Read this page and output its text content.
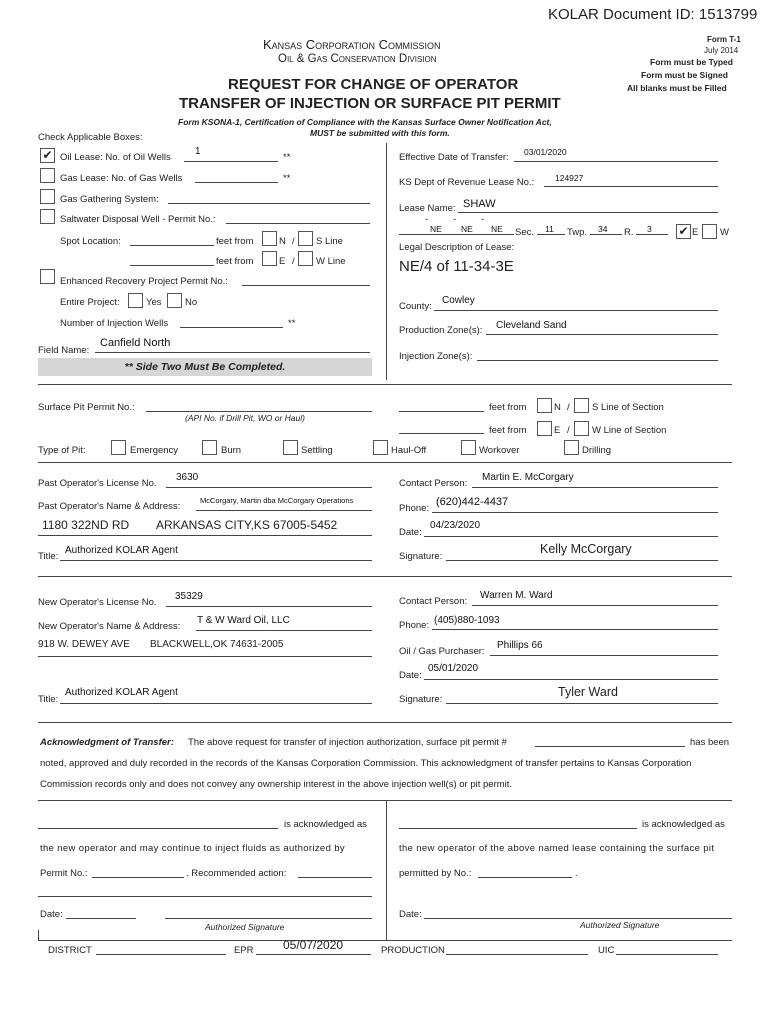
KOLAR Document ID: 1513799
Kansas Corporation Commission
Oil & Gas Conservation Division
REQUEST FOR CHANGE OF OPERATOR
TRANSFER OF INJECTION OR SURFACE PIT PERMIT
Form T-1
July 2014
Form must be Typed
Form must be Signed
All blanks must be Filled
Form KSONA-1, Certification of Compliance with the Kansas Surface Owner Notification Act,
MUST be submitted with this form.
Check Applicable Boxes:
✔ Oil Lease: No. of Oil Wells
1
**
Gas Lease: No. of Gas Wells	**
Gas Gathering System:
Saltwater Disposal Well - Permit No.:
Spot Location:	feet from	N / S Line
feet from	E / W Line
Enhanced Recovery Project Permit No.:
Entire Project:	Yes No
Number of Injection Wells	**
Field Name:
Canfield North
** Side Two Must Be Completed.
Effective Date of Transfer: 03/01/2020
KS Dept of Revenue Lease No.: 124927
Lease Name: SHAW
-	-	-
NE NE NE Sec. 11 Twp. 34 R. 3 ✔ E W
Legal Description of Lease:
NE/4 of 11-34-3E
County:
Cowley
Production Zone(s): Cleveland Sand
Injection Zone(s):
Surface Pit Permit No.:
(API No. if Drill Pit, WO or Haul)
feet from	N / S Line of Section
feet from	E / W Line of Section
Type of Pit:	Emergency	Burn	Settling	Haul-Off	Workover	Drilling
Past Operator's License No.
3630
Past Operator's Name & Address:
McCorgary, Martin dba McCorgary Operations
1180 322ND RD ARKANSAS CITY,KS 67005-5452
Title:
Authorized KOLAR Agent
Contact Person:
Martin E. McCorgary
Phone:
(620)442-4437
Date:
04/23/2020
Signature:
Kelly McCorgary
New Operator's License No.
35329
New Operator's Name & Address:
T & W Ward Oil, LLC
918 W. DEWEY AVE BLACKWELL,OK 74631-2005
Title:
Authorized KOLAR Agent
Contact Person:
Warren M. Ward
Phone: (405)880-1093
Oil / Gas Purchaser:
Phillips 66
Date:
05/01/2020
Signature:
Tyler Ward
Acknowledgment of Transfer: The above request for transfer of injection authorization, surface pit permit #	has been
noted, approved and duly recorded in the records of the Kansas Corporation Commission. This acknowledgment of transfer pertains to Kansas Corporation
Commission records only and does not convey any ownership interest in the above injection well(s) or pit permit.
is acknowledged as
the new operator and may continue to inject fluids as authorized by
Permit No.:	. Recommended action:
Date:
Authorized Signature
is acknowledged as
the new operator of the above named lease containing the surface pit
permitted by No.:	.
Date:
Authorized Signature
DISTRICT	EPR 05/07/2020	PRODUCTION	UIC
